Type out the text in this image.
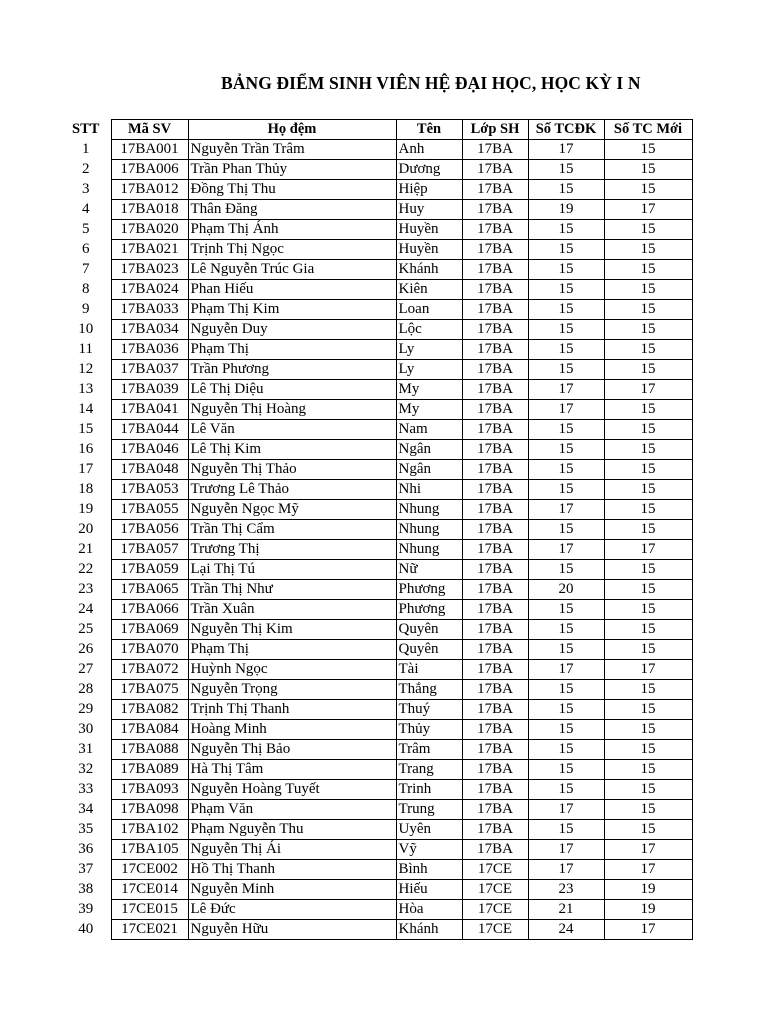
BẢNG ĐIỂM SINH VIÊN HỆ ĐẠI HỌC, HỌC KỲ I N
STT	Mã SV	Họ đệm	Tên	Lớp SH	Số TCĐK	Số TC Mới
1	17BA001	Nguyễn Trần Trâm	Anh	17BA	17	15
2	17BA006	Trần Phan Thủy	Dương	17BA	15	15
3	17BA012	Đồng Thị Thu	Hiệp	17BA	15	15
4	17BA018	Thân Đăng	Huy	17BA	19	17
5	17BA020	Phạm Thị Ánh	Huyền	17BA	15	15
6	17BA021	Trịnh Thị Ngọc	Huyền	17BA	15	15
7	17BA023	Lê Nguyễn Trúc Gia	Khánh	17BA	15	15
8	17BA024	Phan Hiếu	Kiên	17BA	15	15
9	17BA033	Phạm Thị Kim	Loan	17BA	15	15
10	17BA034	Nguyễn Duy	Lộc	17BA	15	15
11	17BA036	Phạm Thị	Ly	17BA	15	15
12	17BA037	Trần Phương	Ly	17BA	15	15
13	17BA039	Lê Thị Diệu	My	17BA	17	17
14	17BA041	Nguyễn Thị Hoàng	My	17BA	17	15
15	17BA044	Lê Văn	Nam	17BA	15	15
16	17BA046	Lê Thị Kim	Ngân	17BA	15	15
17	17BA048	Nguyễn Thị Thảo	Ngân	17BA	15	15
18	17BA053	Trương Lê Thảo	Nhi	17BA	15	15
19	17BA055	Nguyễn Ngọc Mỹ	Nhung	17BA	17	15
20	17BA056	Trần Thị Cẩm	Nhung	17BA	15	15
21	17BA057	Trương Thị	Nhung	17BA	17	17
22	17BA059	Lại Thị Tú	Nữ	17BA	15	15
23	17BA065	Trần Thị Như	Phương	17BA	20	15
24	17BA066	Trần Xuân	Phương	17BA	15	15
25	17BA069	Nguyễn Thị Kim	Quyên	17BA	15	15
26	17BA070	Phạm Thị	Quyên	17BA	15	15
27	17BA072	Huỳnh Ngọc	Tài	17BA	17	17
28	17BA075	Nguyễn Trọng	Thắng	17BA	15	15
29	17BA082	Trịnh Thị Thanh	Thuý	17BA	15	15
30	17BA084	Hoàng Minh	Thủy	17BA	15	15
31	17BA088	Nguyễn Thị Bảo	Trâm	17BA	15	15
32	17BA089	Hà Thị Tâm	Trang	17BA	15	15
33	17BA093	Nguyễn Hoàng Tuyết	Trinh	17BA	15	15
34	17BA098	Phạm Văn	Trung	17BA	17	15
35	17BA102	Phạm Nguyễn Thu	Uyên	17BA	15	15
36	17BA105	Nguyễn Thị Ái	Vỹ	17BA	17	17
37	17CE002	Hồ Thị Thanh	Bình	17CE	17	17
38	17CE014	Nguyễn Minh	Hiếu	17CE	23	19
39	17CE015	Lê Đức	Hòa	17CE	21	19
40	17CE021	Nguyễn Hữu	Khánh	17CE	24	17
